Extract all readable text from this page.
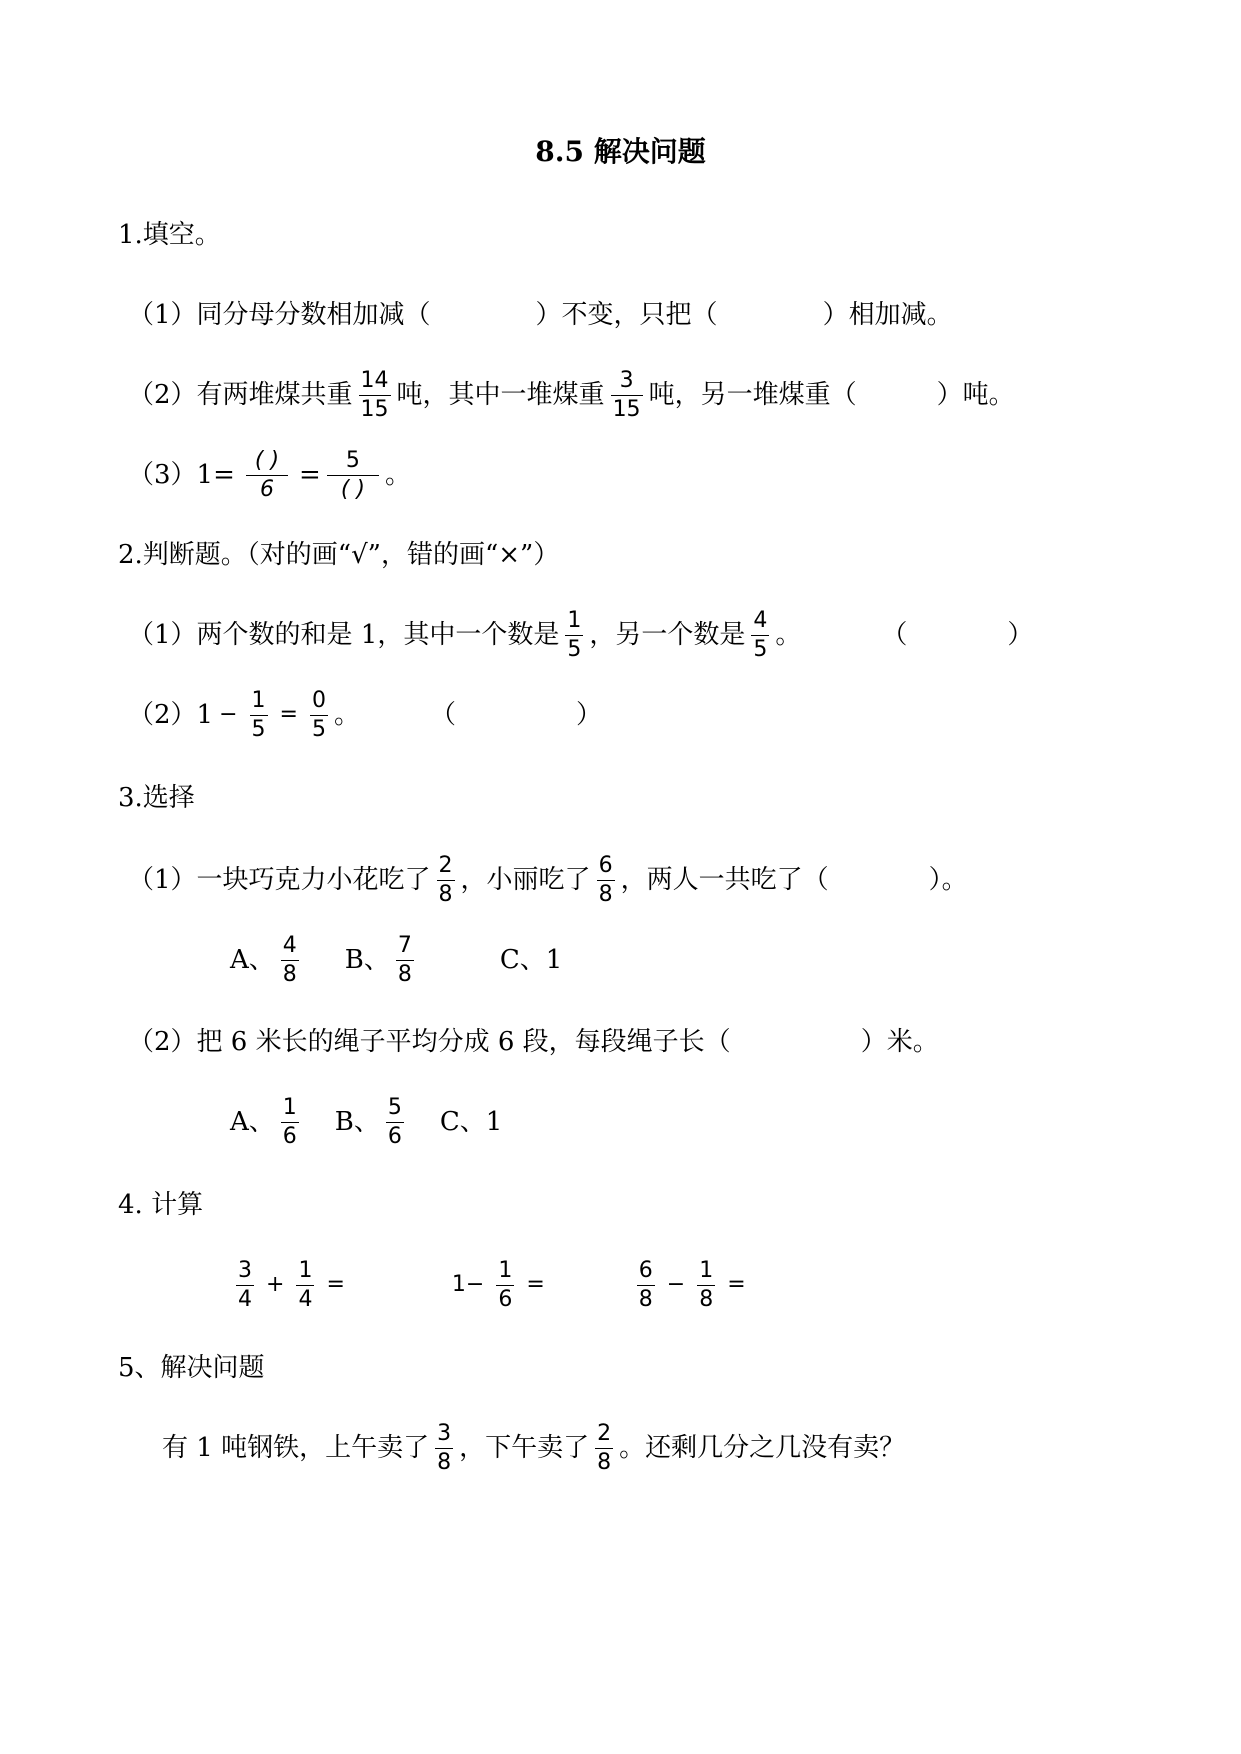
8.5 解决问题
1.填空。
（1）同分母分数相加减（	）不变，只把（	）相加减。
（2）有两堆煤共重 $\frac{14}{15}$ 吨，其中一堆煤重 $\frac{3}{15}$ 吨，另一堆煤重（	）吨。
$(3)1= \frac{( )}{6} = \frac{5}{( )}$ 。
2.判断题。（对的画“√”，错的画“×”）
（1）两个数的和是 1，其中一个数是 $\frac{1}{5}$ ，另一个数是 $\frac{4}{5}$ 。	（	）
$(2)1 - \frac{1}{5} = \frac{0}{5}$ 。	（	）
3.选择
（1）一块巧克力小花吃了 $\frac{2}{8}$ ，小丽吃了 $\frac{6}{8}$ ，两人一共吃了（	）。
A、 $\frac{4}{8}$ B、 $\frac{7}{8}$	C、1
（2）把 6 米长的绳子平均分成 6 段，每段绳子长（	）米。
A、 $\frac{1}{6}$ B、 $\frac{5}{6}$ C、1
4. 计算
$\frac{3}{4} + \frac{1}{4}$ =	$1- \frac{1}{6}$ =	$\frac{6}{8} - \frac{1}{8}$ =
5、解决问题
有 1 吨钢铁，上午卖了 $\frac{3}{8}$ ，下午卖了 $\frac{2}{8}$ 。还剩几分之几没有卖？
